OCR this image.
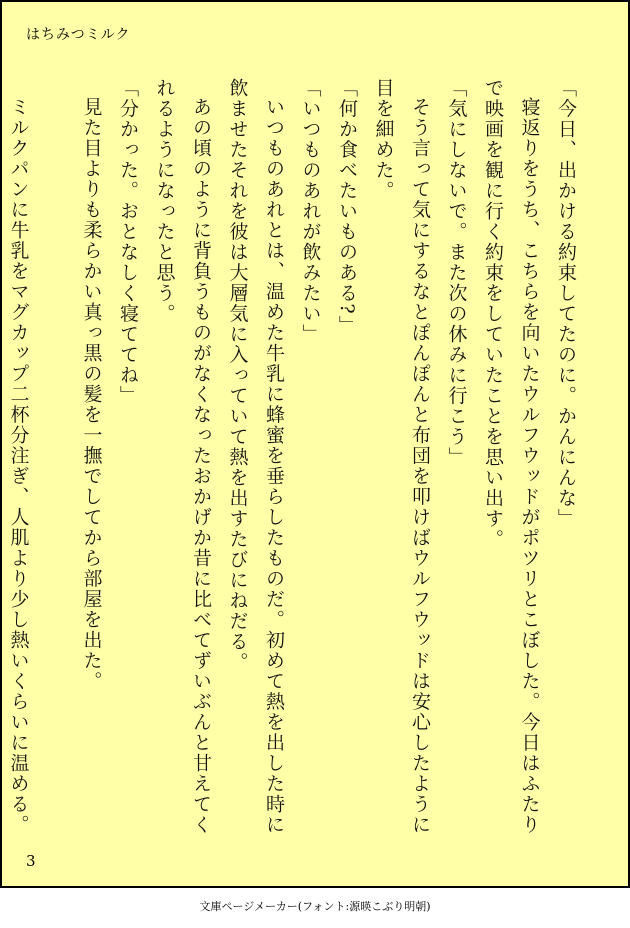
はちみつミルク

「今日、出かける約束してたのに。かんにんな」

寝返りをうち、こちらを向いたウルフウッドがポツリとこぼした。今日はふたりで映画を観に行く約束をしていたことを思い出す。

「気にしないで。また次の休みに行こう」

そう言って気にするなとぽんぽんと布団を叩けばウルフウッドは安心したように目を細めた。

「何か食べたいものある?」

「いつものあれが飲みたい」

いつものあれとは、温めた牛乳に蜂蜜を垂らしたものだ。初めて熱を出した時に飲ませたそれを彼は大層気に入っていて熱を出すたびにねだる。

あの頃のように背負うものがなくなったおかげか昔に比べてずいぶんと甘えてくれるようになったと思う。

「分かった。おとなしく寝ててね」

見た目よりも柔らかい真っ黒の髪を一撫でしてから部屋を出た。

ミルクパンに牛乳をマグカップ二杯分注ぎ、人肌より少し熱いくらいに温める。

3
文庫ページメーカー(フォント:源暎こぶり明朝)
